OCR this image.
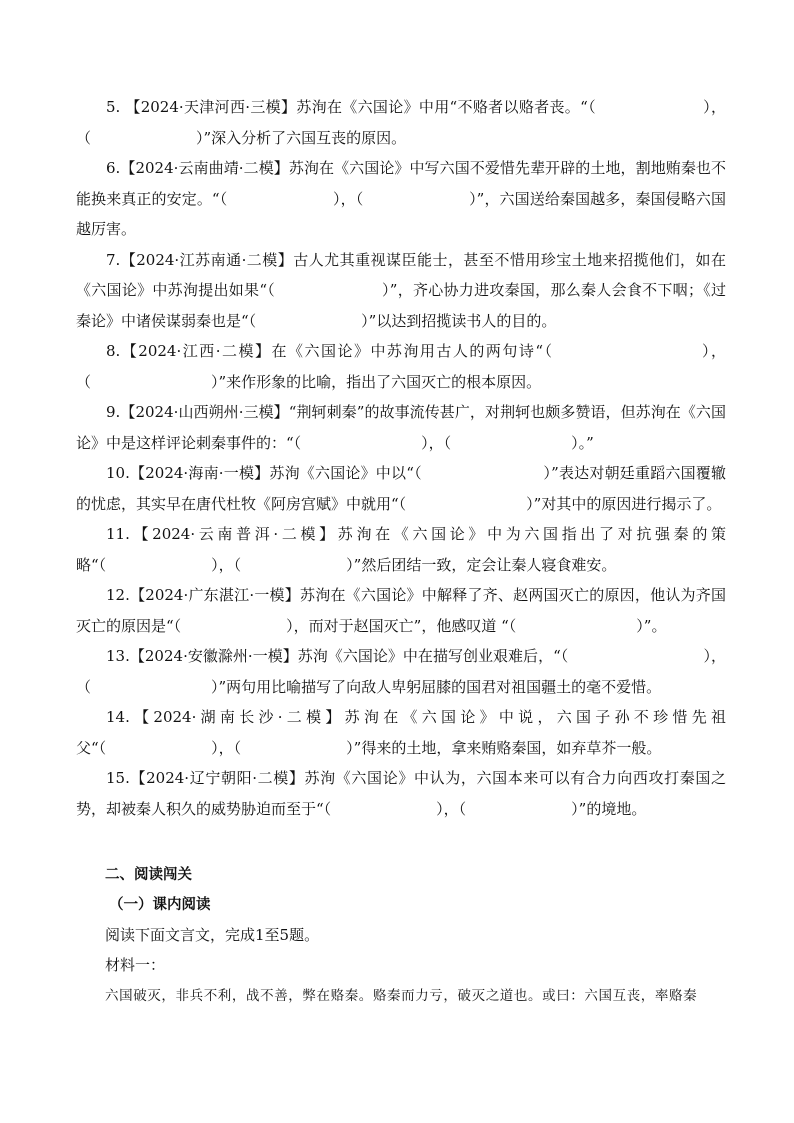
5. 【2024·天津河西·三模】苏洵在《六国论》中用“不赂者以赂者丧。“（　　　　　　　），（　　　　　　　）”深入分析了六国互丧的原因。

6.【2024·云南曲靖·二模】苏洵在《六国论》中写六国不爱惜先辈开辟的土地，割地贿秦也不能换来真正的安定。“（　　　　　　　），（　　　　　　　）”，六国送给秦国越多，秦国侵略六国越厉害。

7.【2024·江苏南通·二模】古人尤其重视谋臣能士，甚至不惜用珍宝土地来招揽他们，如在《六国论》中苏洵提出如果“（　　　　　　　）”，齐心协力进攻秦国，那么秦人会食不下咽；《过秦论》中诸侯谋弱秦也是“（　　　　　　　）”以达到招揽读书人的目的。

8.【2024·江西·二模】在《六国论》中苏洵用古人的两句诗“（　　　　　　　　　），（　　　　　　　　）”来作形象的比喻，指出了六国灭亡的根本原因。

9.【2024·山西朔州·三模】“荆轲刺秦”的故事流传甚广，对荆轲也颇多赞语，但苏洵在《六国论》中是这样评论刺秦事件的：“（　　　　　　　　），（　　　　　　　　）。”

10.【2024·海南·一模】苏洵《六国论》中以“（　　　　　　　　）”表达对朝廷重蹈六国覆辙的忧虑，其实早在唐代杜牧《阿房宫赋》中就用“（　　　　　　　　）”对其中的原因进行揭示了。

11.【2024·云南普洱·二模】苏洵在《六国论》中为六国指出了对抗强秦的策略“（　　　　　　　），（　　　　　　　）”然后团结一致，定会让秦人寝食难安。

12.【2024·广东湛江·一模】苏洵在《六国论》中解释了齐、赵两国灭亡的原因，他认为齐国灭亡的原因是“（　　　　　　　），而对于赵国灭亡”，他感叹道 “（　　　　　　　　）”。

13.【2024·安徽滁州·一模】苏洵《六国论》中在描写创业艰难后，“（　　　　　　　　　），（　　　　　　　　）”两句用比喻描写了向敌人卑躬屈膝的国君对祖国疆土的毫不爱惜。

14.【2024·湖南长沙·二模】苏洵在《六国论》中说，六国子孙不珍惜先祖父“（　　　　　　　），（　　　　　　　）”得来的土地，拿来贿赂秦国，如弃草芥一般。

15.【2024·辽宁朝阳·二模】苏洵《六国论》中认为，六国本来可以有合力向西攻打秦国之势，却被秦人积久的威势胁迫而至于“（　　　　　　　），（　　　　　　　）”的境地。

二、阅读闯关

（一）课内阅读

阅读下面文言文，完成1至5题。

材料一：

六国破灭，非兵不利，战不善，弊在赂秦。赂秦而力亏，破灭之道也。或曰：六国互丧，率赂秦
